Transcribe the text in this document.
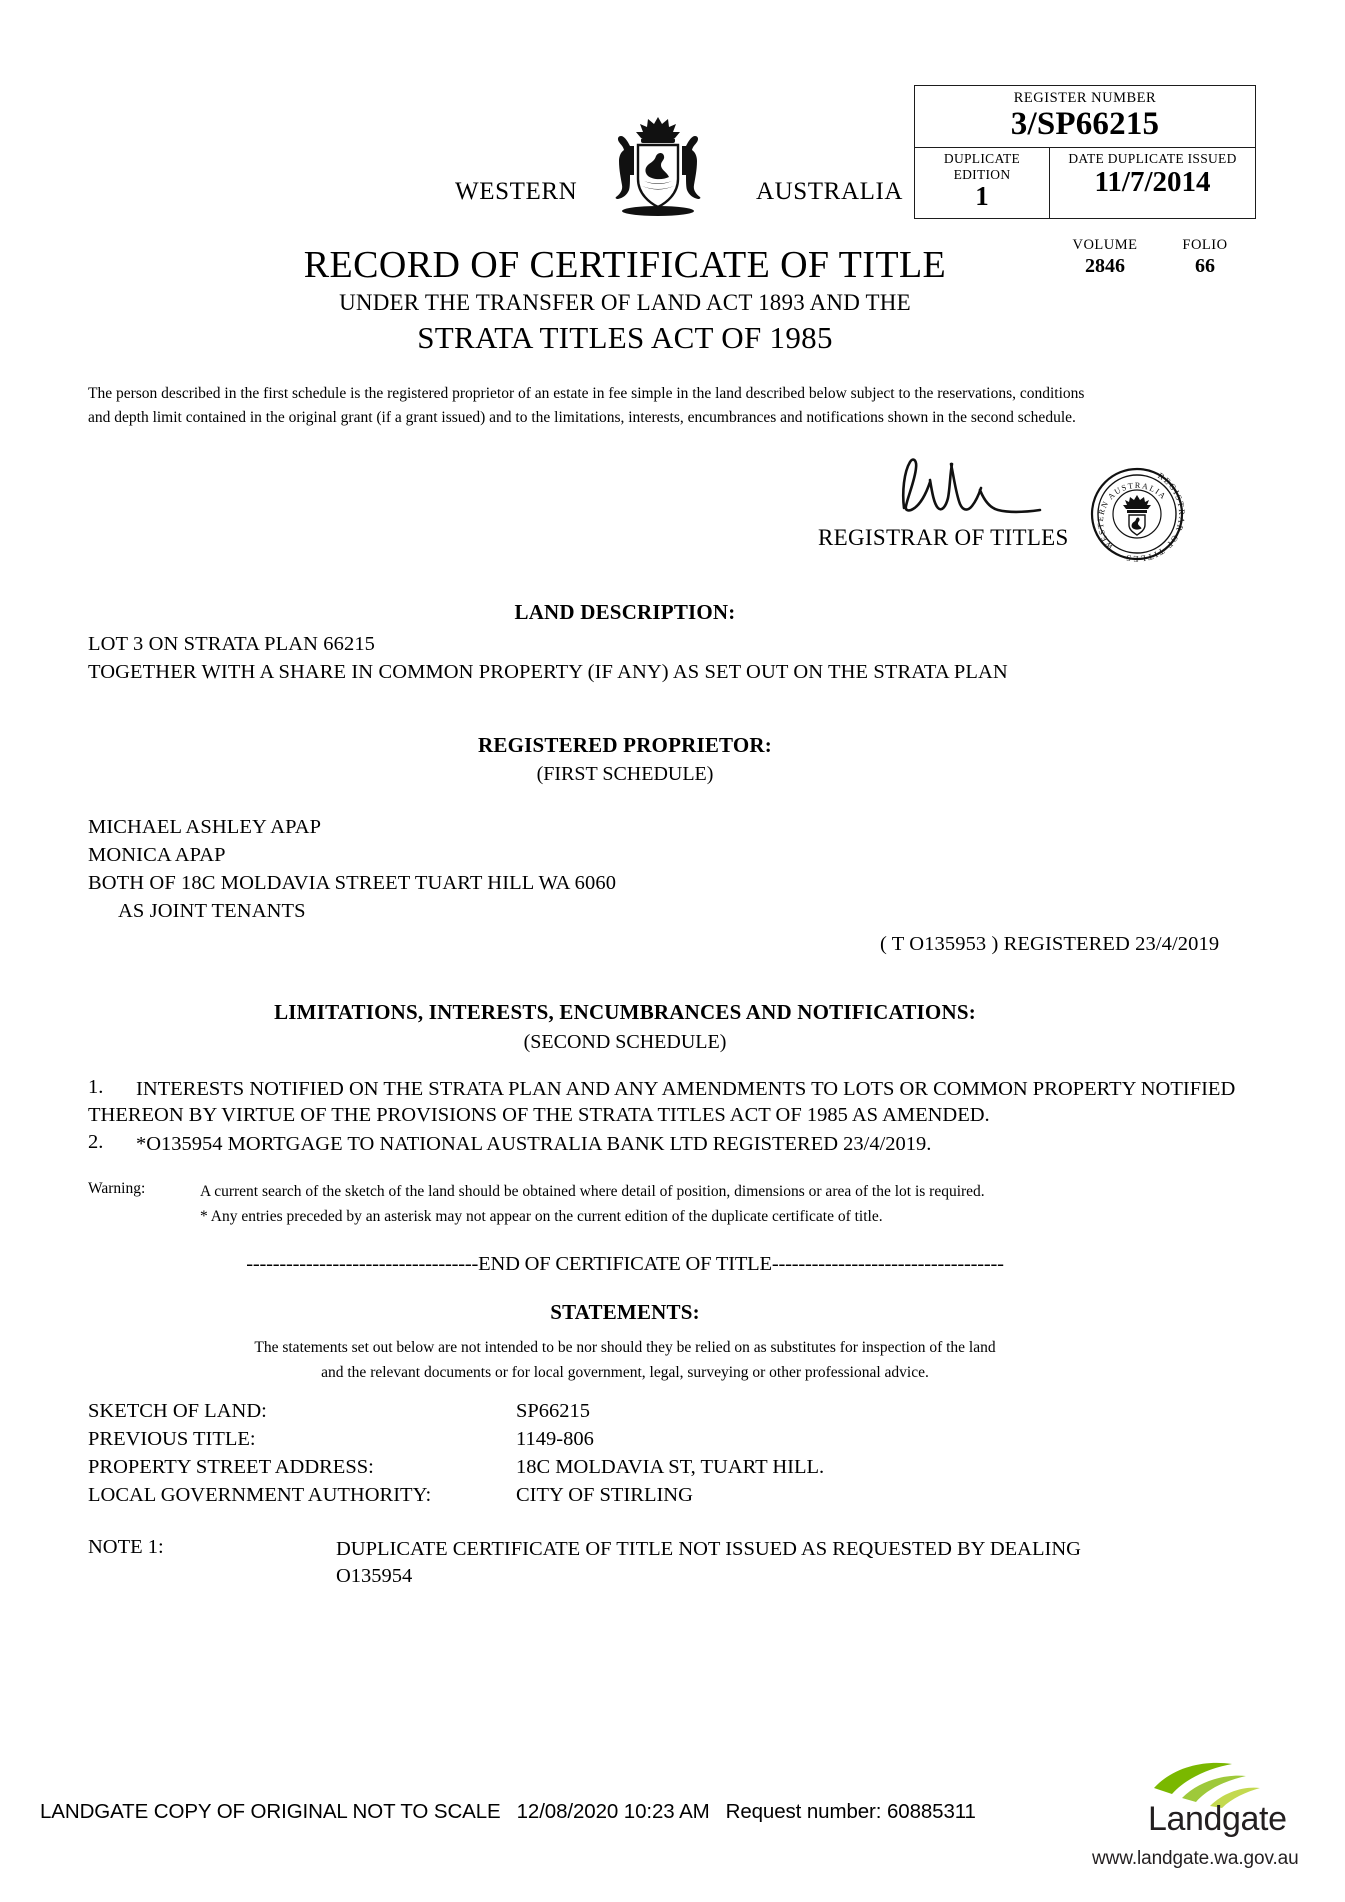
WESTERN	AUSTRALIA
REGISTER NUMBER
3/SP66215
DUPLICATE
EDITION
1
DATE DUPLICATE ISSUED
11/7/2014
VOLUME
2846
FOLIO
66
RECORD OF CERTIFICATE OF TITLE
UNDER THE TRANSFER OF LAND ACT 1893 AND THE
STRATA TITLES ACT OF 1985
The person described in the first schedule is the registered proprietor of an estate in fee simple in the land described below subject to the reservations, conditions and depth limit contained in the original grant (if a grant issued) and to the limitations, interests, encumbrances and notifications shown in the second schedule.
REGISTRAR OF TITLES
REGISTRAR OF TITLES
WESTERN AUSTRALIA
LAND DESCRIPTION:
LOT 3 ON STRATA PLAN 66215
TOGETHER WITH A SHARE IN COMMON PROPERTY (IF ANY) AS SET OUT ON THE STRATA PLAN
REGISTERED PROPRIETOR:
(FIRST SCHEDULE)
MICHAEL ASHLEY APAP
MONICA APAP
BOTH OF 18C MOLDAVIA STREET TUART HILL WA 6060
AS JOINT TENANTS
( T O135953 ) REGISTERED 23/4/2019
LIMITATIONS, INTERESTS, ENCUMBRANCES AND NOTIFICATIONS:
(SECOND SCHEDULE)
1.	INTERESTS NOTIFIED ON THE STRATA PLAN AND ANY AMENDMENTS TO LOTS OR COMMON PROPERTY NOTIFIED THEREON BY VIRTUE OF THE PROVISIONS OF THE STRATA TITLES ACT OF 1985 AS AMENDED.
2.	*O135954 MORTGAGE TO NATIONAL AUSTRALIA BANK LTD REGISTERED 23/4/2019.
Warning:	A current search of the sketch of the land should be obtained where detail of position, dimensions or area of the lot is required.
* Any entries preceded by an asterisk may not appear on the current edition of the duplicate certificate of title.
-----------------------------------END OF CERTIFICATE OF TITLE-----------------------------------
STATEMENTS:
The statements set out below are not intended to be nor should they be relied on as substitutes for inspection of the land
and the relevant documents or for local government, legal, surveying or other professional advice.
SKETCH OF LAND:	SP66215
PREVIOUS TITLE:	1149-806
PROPERTY STREET ADDRESS:	18C MOLDAVIA ST, TUART HILL.
LOCAL GOVERNMENT AUTHORITY:	CITY OF STIRLING
NOTE 1:	DUPLICATE CERTIFICATE OF TITLE NOT ISSUED AS REQUESTED BY DEALING
O135954
LANDGATE COPY OF ORIGINAL NOT TO SCALE 12/08/2020 10:23 AM Request number: 60885311	Landgate
www.landgate.wa.gov.au
